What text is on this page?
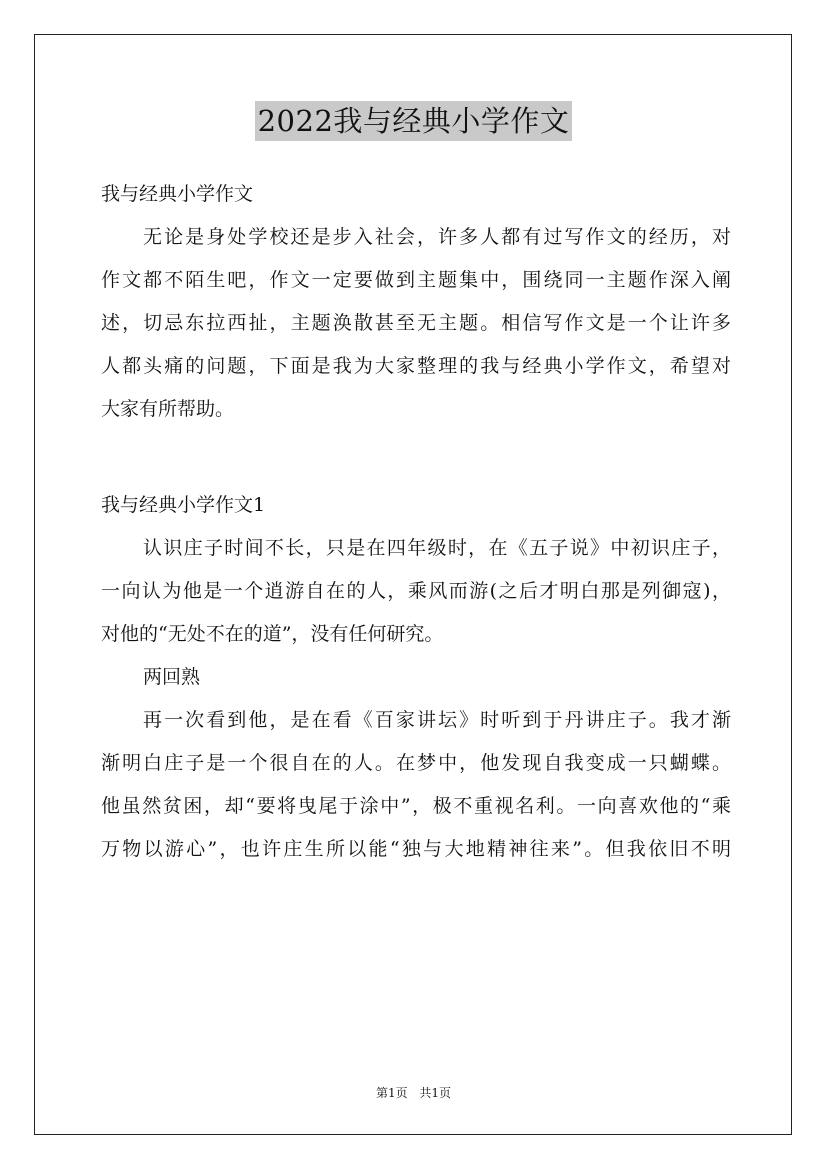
2022我与经典小学作文
我与经典小学作文
无论是身处学校还是步入社会，许多人都有过写作文的经历，对
作文都不陌生吧，作文一定要做到主题集中，围绕同一主题作深入阐
述，切忌东拉西扯，主题涣散甚至无主题。相信写作文是一个让许多
人都头痛的问题，下面是我为大家整理的我与经典小学作文，希望对
大家有所帮助。
我与经典小学作文1
认识庄子时间不长，只是在四年级时，在《五子说》中初识庄子，
一向认为他是一个逍游自在的人，乘风而游(之后才明白那是列御寇)，
对他的“无处不在的道”，没有任何研究。
两回熟
再一次看到他，是在看《百家讲坛》时听到于丹讲庄子。我才渐
渐明白庄子是一个很自在的人。在梦中，他发现自我变成一只蝴蝶。
他虽然贫困，却“要将曳尾于涂中”，极不重视名利。一向喜欢他的“乘
万物以游心”，也许庄生所以能“独与大地精神往来”。但我依旧不明
第1页 共1页
